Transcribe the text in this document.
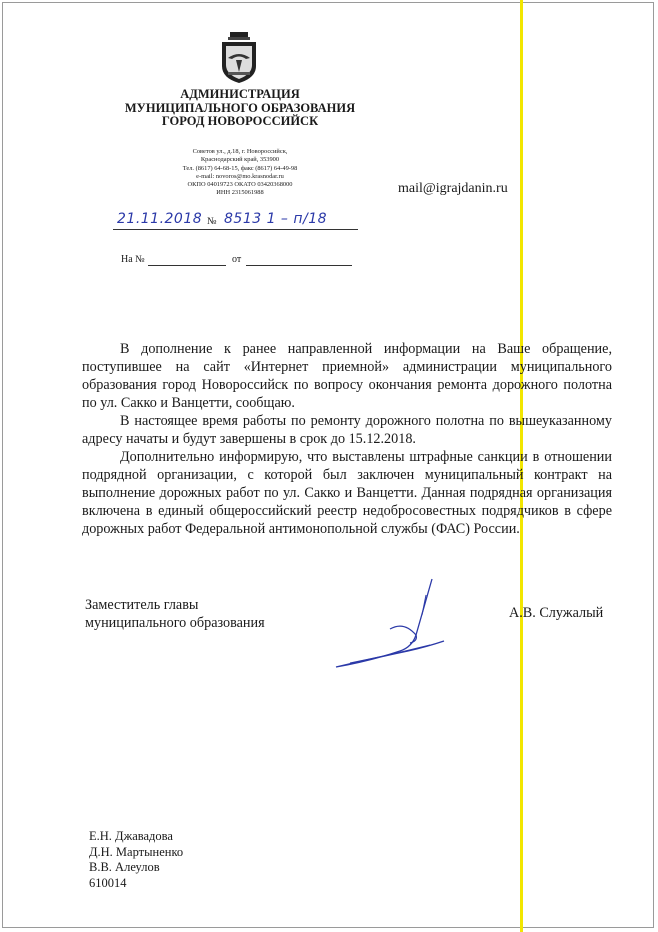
АДМИНИСТРАЦИЯ
МУНИЦИПАЛЬНОГО ОБРАЗОВАНИЯ
ГОРОД НОВОРОССИЙСК
Советов ул., д.18, г. Новороссийск,
Краснодарский край, 353900
Тел. (8617) 64-68-15, факс (8617) 64-49-98
e-mail: novoros@mo.krasnodar.ru
ОКПО 04019723 ОКАТО 03420368000
ИНН 2315061988	mail@igrajdanin.ru
21.11.2018 № 8513 1 – п/18
На №	от

В дополнение к ранее направленной информации на Ваше обращение, поступившее на сайт «Интернет приемной» администрации муниципального образования город Новороссийск по вопросу окончания ремонта дорожного полотна по ул. Сакко и Ванцетти, сообщаю.

В настоящее время работы по ремонту дорожного полотна по вышеуказанному адресу начаты и будут завершены в срок до 15.12.2018.

Дополнительно информирую, что выставлены штрафные санкции в отношении подрядной организации, с которой был заключен муниципальный контракт на выполнение дорожных работ по ул. Сакко и Ванцетти. Данная подрядная организация включена в единый общероссийский реестр недобросовестных подрядчиков в сфере дорожных работ Федеральной антимонопольной службы (ФАС) России.

Заместитель главы
муниципального образования
А.В. Служалый
Е.Н. Джавадова
Д.Н. Мартыненко
В.В. Алеулов
610014
